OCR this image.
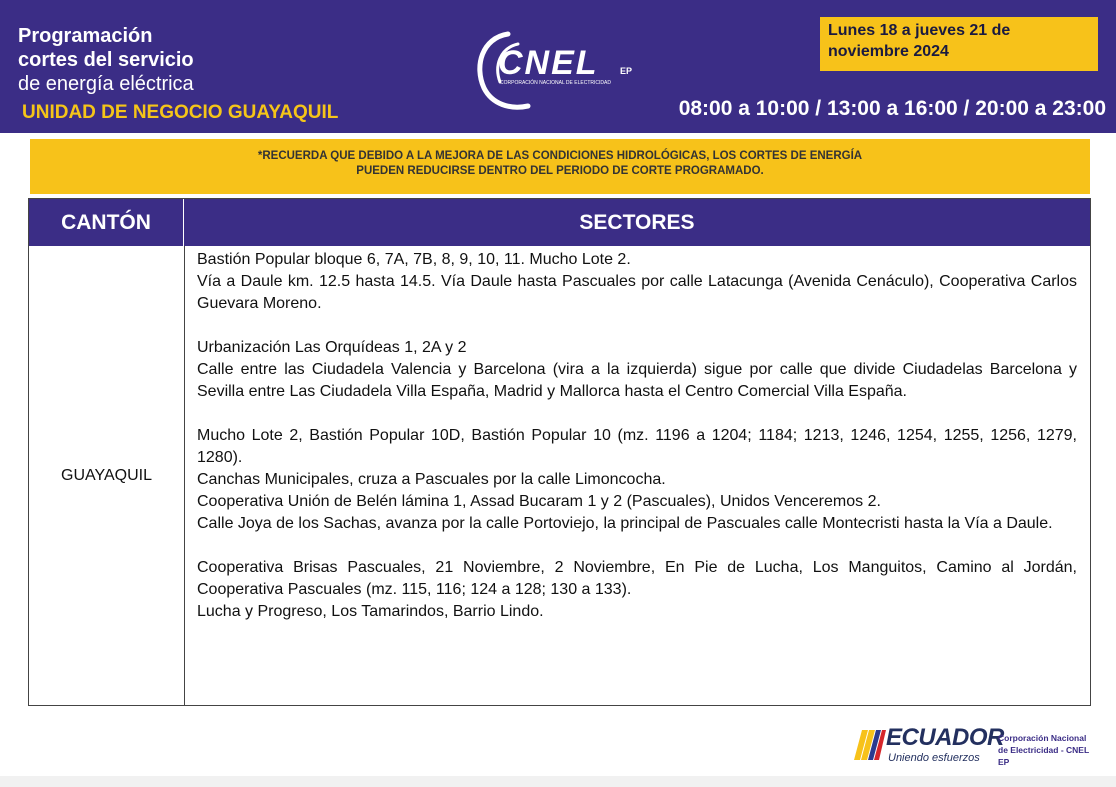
Programación
cortes del servicio
de energía eléctrica
UNIDAD DE NEGOCIO GUAYAQUIL
CNEL EP
CORPORACIÓN NACIONAL DE ELECTRICIDAD
Lunes 18 a jueves 21 de noviembre 2024
08:00 a 10:00 / 13:00 a 16:00 / 20:00 a 23:00
*RECUERDA QUE DEBIDO A LA MEJORA DE LAS CONDICIONES HIDROLÓGICAS, LOS CORTES DE ENERGÍA
PUEDEN REDUCIRSE DENTRO DEL PERIODO DE CORTE PROGRAMADO.
CANTÓN	SECTORES
GUAYAQUIL
Bastión Popular bloque 6, 7A, 7B, 8, 9, 10, 11. Mucho Lote 2.
Vía a Daule km. 12.5 hasta 14.5. Vía Daule hasta Pascuales por calle Latacunga (Avenida Cenáculo), Cooperativa Carlos Guevara Moreno.
Urbanización Las Orquídeas 1, 2A y 2
Calle entre las Ciudadela Valencia y Barcelona (vira a la izquierda) sigue por calle que divide Ciudadelas Barcelona y Sevilla entre Las Ciudadela Villa España, Madrid y Mallorca hasta el Centro Comercial Villa España.
Mucho Lote 2, Bastión Popular 10D, Bastión Popular 10 (mz. 1196 a 1204; 1184; 1213, 1246, 1254, 1255, 1256, 1279, 1280).
Canchas Municipales, cruza a Pascuales por la calle Limoncocha.
Cooperativa Unión de Belén lámina 1, Assad Bucaram 1 y 2 (Pascuales), Unidos Venceremos 2.
Calle Joya de los Sachas, avanza por la calle Portoviejo, la principal de Pascuales calle Montecristi hasta la Vía a Daule.
Cooperativa Brisas Pascuales, 21 Noviembre, 2 Noviembre, En Pie de Lucha, Los Manguitos, Camino al Jordán, Cooperativa Pascuales (mz. 115, 116; 124 a 128; 130 a 133).
Lucha y Progreso, Los Tamarindos, Barrio Lindo.
ECUADOR
Uniendo esfuerzos
Corporación Nacional
de Electricidad - CNEL EP
